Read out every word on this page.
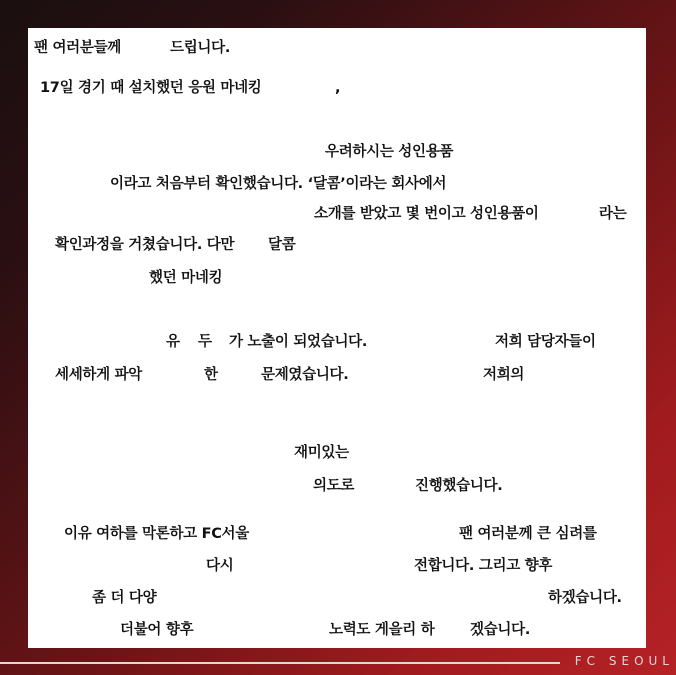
팬 여러분들께	드립니다.
17일 경기 때 설치했던 응원 마네킹	,
우려하시는 성인용품
이라고 처음부터 확인했습니다. ‘달콤’이라는 회사에서
소개를 받았고 몇 번이고 성인용품이	라는
확인과정을 거쳤습니다. 다만 달콤
했던 마네킹
유 두 가 노출이 되었습니다.	저희 담당자들이
세세하게 파악	한	문제였습니다.	저희의
재미있는
의도로	진행했습니다.
이유 여하를 막론하고 FC서울	팬 여러분께 큰 심려를
다시	전합니다. 그리고 향후
좀 더 다양	하겠습니다.
더불어 향후	노력도 게을리 하 겠습니다.
FC SEOUL
